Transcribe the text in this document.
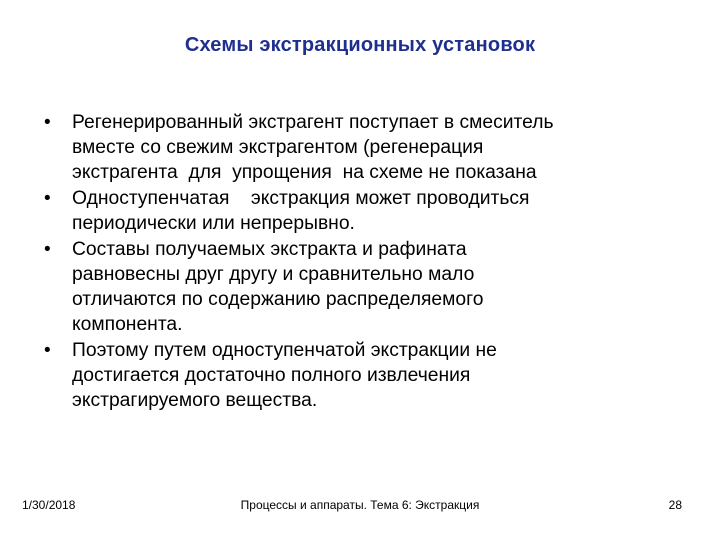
Схемы экстракционных установок
•	Регенерированный экстрагент поступает в смеситель
вместе со свежим экстрагентом (регенерация
экстрагента  для  упрощения  на схеме не показана
•	Одноступенчатая    экстракция может проводиться
периодически или непрерывно.
•	Составы получаемых экстракта и рафината
равновесны друг другу и сравнительно мало
отличаются по содержанию распределяемого
компонента.
•	Поэтому путем одноступенчатой экстракции не
достигается достаточно полного извлечения
экстрагируемого вещества.
1/30/2018	Процессы и аппараты. Тема 6: Экстракция	28
